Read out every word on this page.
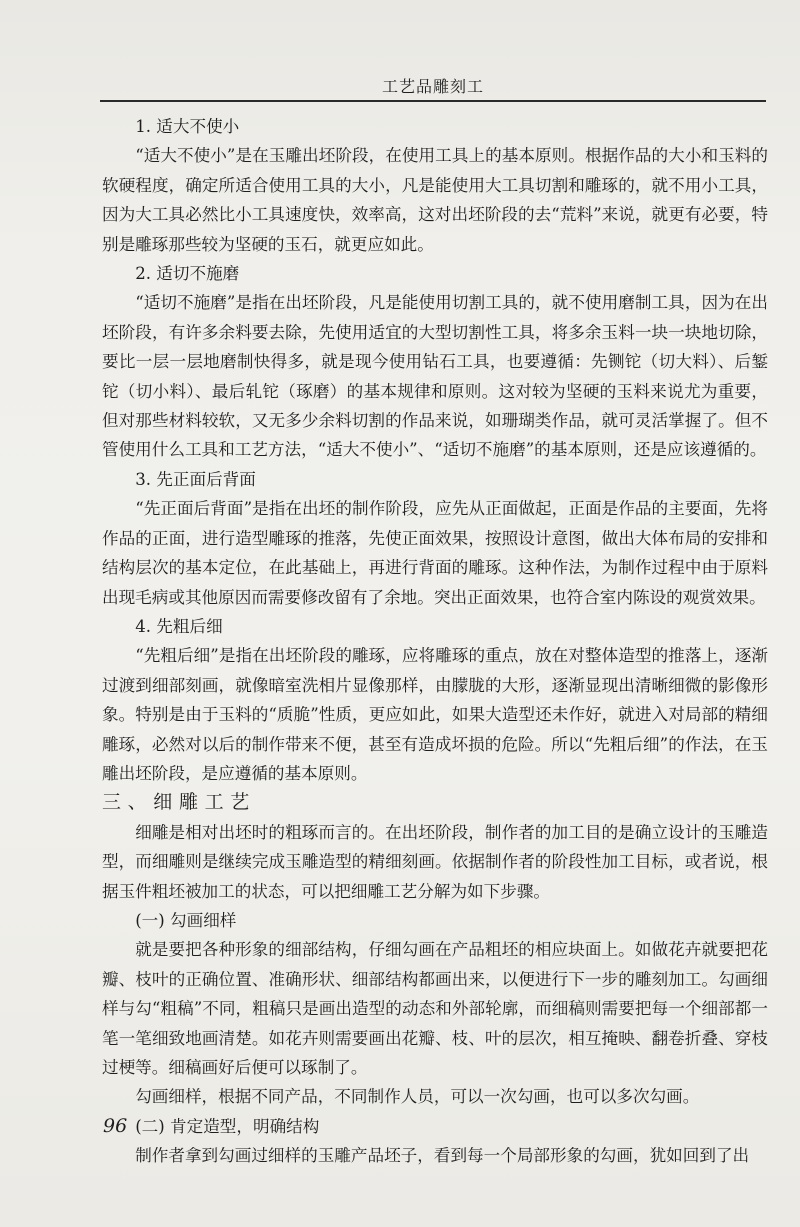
工艺品雕刻工

1. 适大不使小

“适大不使小”是在玉雕出坯阶段，在使用工具上的基本原则。根据作品的大小和玉料的软硬程度，确定所适合使用工具的大小，凡是能使用大工具切割和雕琢的，就不用小工具，因为大工具必然比小工具速度快，效率高，这对出坯阶段的去“荒料”来说，就更有必要，特别是雕琢那些较为坚硬的玉石，就更应如此。

2. 适切不施磨

“适切不施磨”是指在出坯阶段，凡是能使用切割工具的，就不使用磨制工具，因为在出坯阶段，有许多余料要去除，先使用适宜的大型切割性工具，将多余玉料一块一块地切除，要比一层一层地磨制快得多，就是现今使用钻石工具，也要遵循：先铡铊（切大料）、后錾铊（切小料）、最后轧铊（琢磨）的基本规律和原则。这对较为坚硬的玉料来说尤为重要，但对那些材料较软，又无多少余料切割的作品来说，如珊瑚类作品，就可灵活掌握了。但不管使用什么工具和工艺方法，“适大不使小”、“适切不施磨”的基本原则，还是应该遵循的。

3. 先正面后背面

“先正面后背面”是指在出坯的制作阶段，应先从正面做起，正面是作品的主要面，先将作品的正面，进行造型雕琢的推落，先使正面效果，按照设计意图，做出大体布局的安排和结构层次的基本定位，在此基础上，再进行背面的雕琢。这种作法，为制作过程中由于原料出现毛病或其他原因而需要修改留有了余地。突出正面效果，也符合室内陈设的观赏效果。

4. 先粗后细

“先粗后细”是指在出坯阶段的雕琢，应将雕琢的重点，放在对整体造型的推落上，逐渐过渡到细部刻画，就像暗室洗相片显像那样，由朦胧的大形，逐渐显现出清晰细微的影像形象。特别是由于玉料的“质脆”性质，更应如此，如果大造型还未作好，就进入对局部的精细雕琢，必然对以后的制作带来不便，甚至有造成坏损的危险。所以“先粗后细”的作法，在玉雕出坯阶段，是应遵循的基本原则。

三、细雕工艺

细雕是相对出坯时的粗琢而言的。在出坯阶段，制作者的加工目的是确立设计的玉雕造型，而细雕则是继续完成玉雕造型的精细刻画。依据制作者的阶段性加工目标，或者说，根据玉件粗坯被加工的状态，可以把细雕工艺分解为如下步骤。

(一) 勾画细样

就是要把各种形象的细部结构，仔细勾画在产品粗坯的相应块面上。如做花卉就要把花瓣、枝叶的正确位置、准确形状、细部结构都画出来，以便进行下一步的雕刻加工。勾画细样与勾“粗稿”不同，粗稿只是画出造型的动态和外部轮廓，而细稿则需要把每一个细部都一笔一笔细致地画清楚。如花卉则需要画出花瓣、枝、叶的层次，相互掩映、翻卷折叠、穿枝过梗等。细稿画好后便可以琢制了。

勾画细样，根据不同产品，不同制作人员，可以一次勾画，也可以多次勾画。

(二) 肯定造型，明确结构

制作者拿到勾画过细样的玉雕产品坯子，看到每一个局部形象的勾画，犹如回到了出

96
